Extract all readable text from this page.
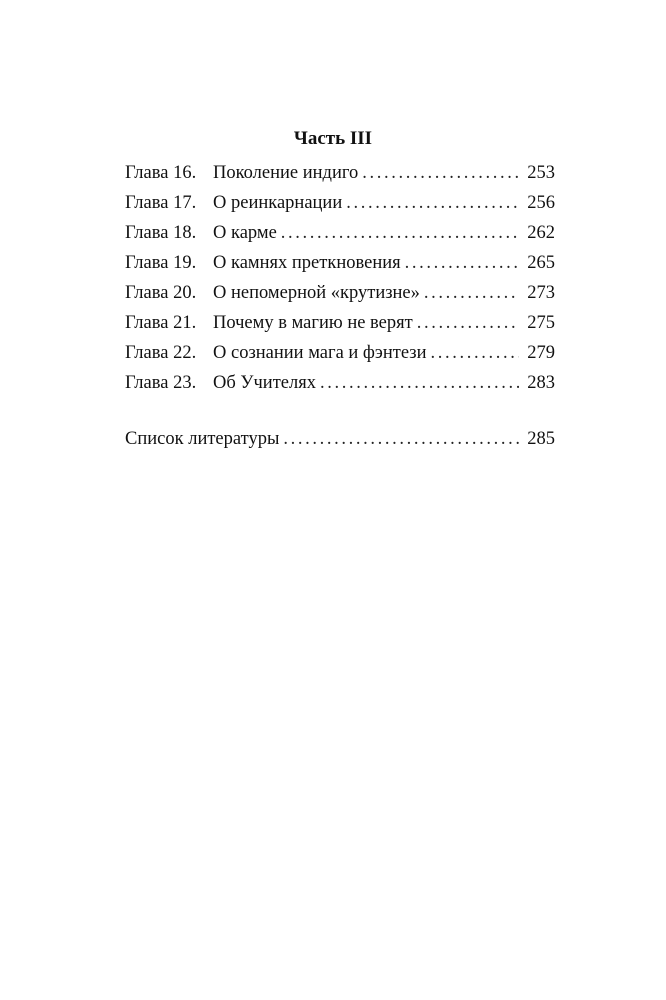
Часть III
Глава 16. Поколение индиго . . .	253
Глава 17. О реинкарнации . . .	256
Глава 18. О карме . . .	262
Глава 19. О камнях преткновения . . .	265
Глава 20. О непомерной «крутизне» . . .	273
Глава 21. Почему в магию не верят . . .	275
Глава 22. О сознании мага и фэнтези . . .	279
Глава 23. Об Учителях . . .	283
Список литературы . . .	285
